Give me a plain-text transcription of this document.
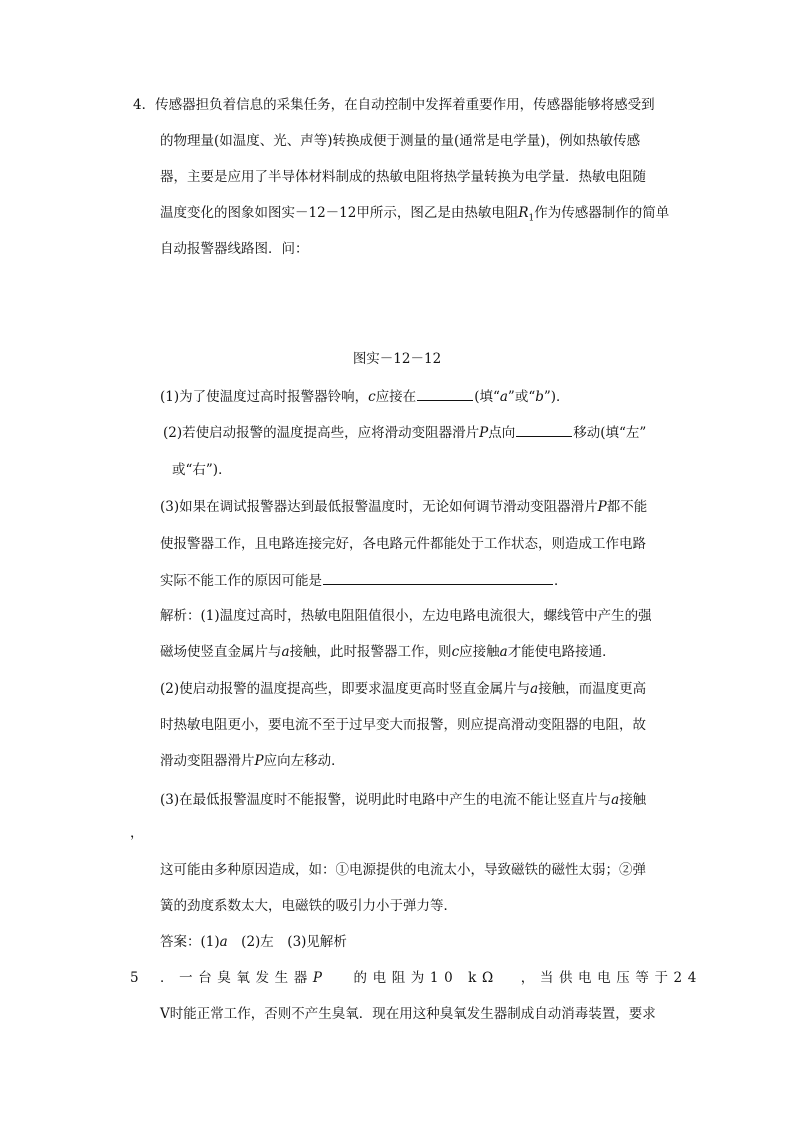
4．传感器担负着信息的采集任务，在自动控制中发挥着重要作用，传感器能够将感受到
的物理量(如温度、光、声等)转换成便于测量的量(通常是电学量)，例如热敏传感
器，主要是应用了半导体材料制成的热敏电阻将热学量转换为电学量．热敏电阻随
温度变化的图象如图实－12－12甲所示，图乙是由热敏电阻$R_1$作为传感器制作的简单
自动报警器线路图．问：
图实－12－12
(1)为了使温度过高时报警器铃响，c应接在	(填“a”或“b”)．
(2)若使启动报警的温度提高些，应将滑动变阻器滑片P点向	移动(填“左”
或“右”)．
(3)如果在调试报警器达到最低报警温度时，无论如何调节滑动变阻器滑片P都不能
使报警器工作，且电路连接完好，各电路元件都能处于工作状态，则造成工作电路
实际不能工作的原因可能是	．
解析：(1)温度过高时，热敏电阻阻值很小，左边电路电流很大，螺线管中产生的强
磁场使竖直金属片与a接触，此时报警器工作，则c应接触a才能使电路接通．
(2)使启动报警的温度提高些，即要求温度更高时竖直金属片与a接触，而温度更高
时热敏电阻更小，要电流不至于过早变大而报警，则应提高滑动变阻器的电阻，故
滑动变阻器滑片P应向左移动．
(3)在最低报警温度时不能报警，说明此时电路中产生的电流不能让竖直片与a接触
，
这可能由多种原因造成，如：①电源提供的电流太小，导致磁铁的磁性太弱；②弹
簧的劲度系数太大，电磁铁的吸引力小于弹力等．
答案：(1)a　(2)左　(3)见解析
5 ．一台臭氧发生器P 的电阻为10 kΩ ，当供电电压等于24
V时能正常工作，否则不产生臭氧．现在用这种臭氧发生器制成自动消毒装置，要求
